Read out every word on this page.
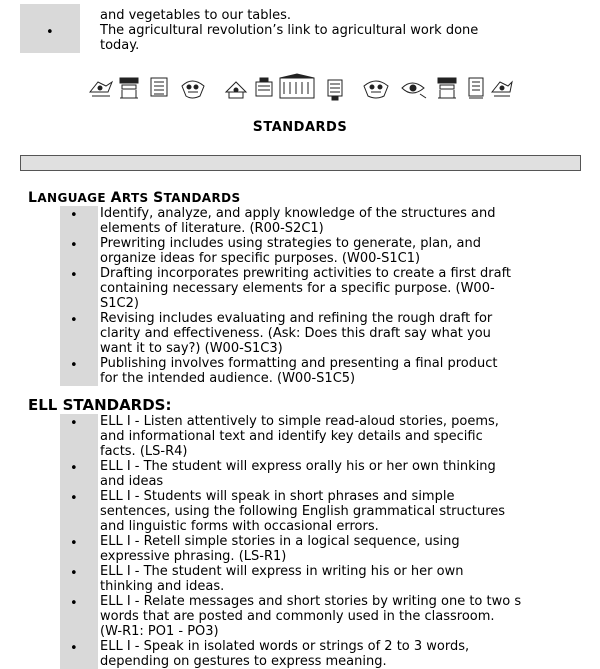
and vegetables to our tables.
•	The agricultural revolution’s link to agricultural work done
today.
STANDARDS
LANGUAGE ARTS STANDARDS
• Identify, analyze, and apply knowledge of the structures and
elements of literature. (R00-S2C1)
• Prewriting includes using strategies to generate, plan, and
organize ideas for specific purposes. (W00-S1C1)
• Drafting incorporates prewriting activities to create a first draft
containing necessary elements for a specific purpose. (W00-
S1C2)
• Revising includes evaluating and refining the rough draft for
clarity and effectiveness. (Ask: Does this draft say what you
want it to say?) (W00-S1C3)
• Publishing involves formatting and presenting a final product
for the intended audience. (W00-S1C5)
ELL STANDARDS:
• ELL I - Listen attentively to simple read-aloud stories, poems,
and informational text and identify key details and specific
facts. (LS-R4)
• ELL I - The student will express orally his or her own thinking
and ideas
• ELL I - Students will speak in short phrases and simple
sentences, using the following English grammatical structures
and linguistic forms with occasional errors.
• ELL I - Retell simple stories in a logical sequence, using
expressive phrasing. (LS-R1)
• ELL I - The student will express in writing his or her own
thinking and ideas.
• ELL I - Relate messages and short stories by writing one to two s
words that are posted and commonly used in the classroom.
(W-R1: PO1 - PO3)
• ELL I - Speak in isolated words or strings of 2 to 3 words,
depending on gestures to express meaning.
